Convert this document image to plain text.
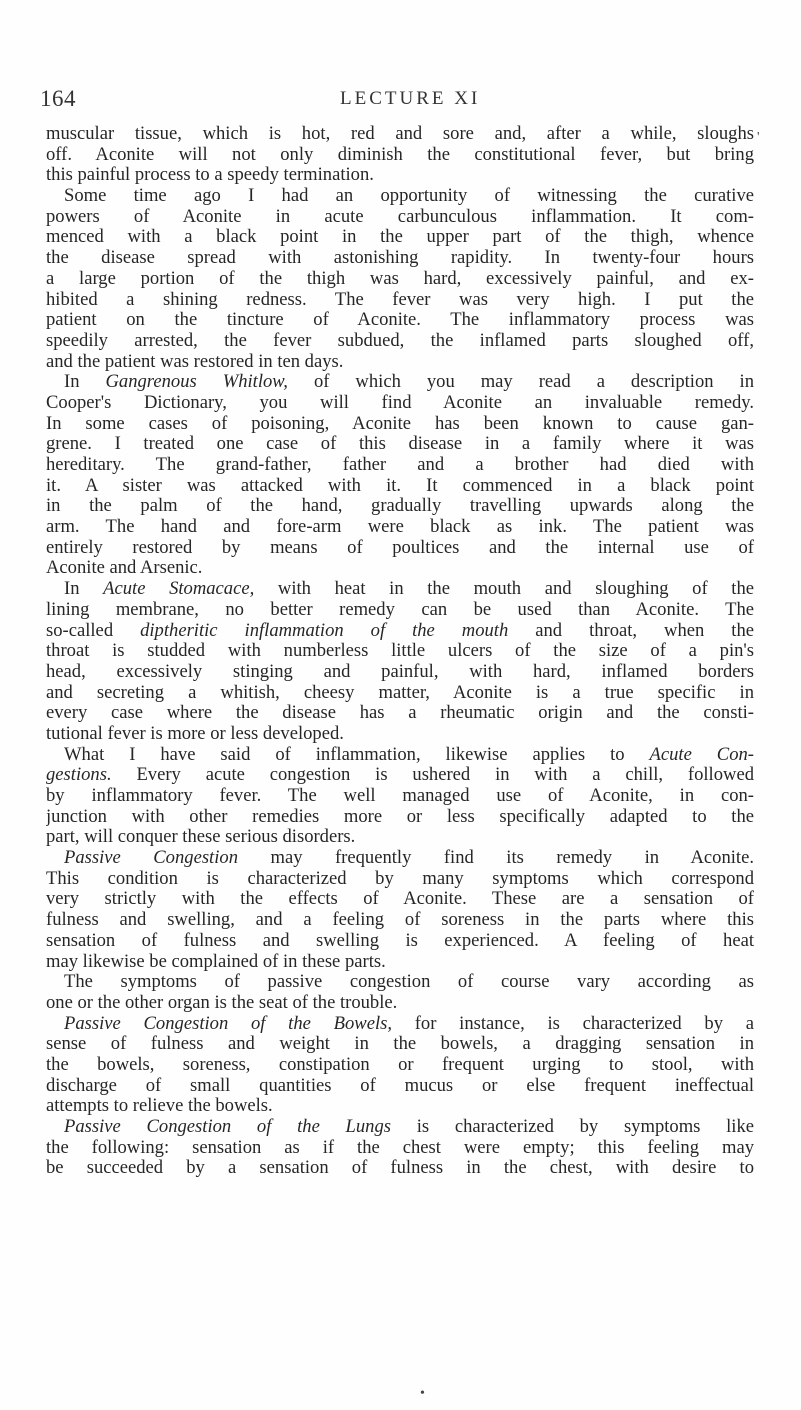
164	LECTURE XI
muscular tissue, which is hot, red and sore and, after a while, sloughs
off. Aconite will not only diminish the constitutional fever, but bring
this painful process to a speedy termination.
Some time ago I had an opportunity of witnessing the curative
powers of Aconite in acute carbunculous inflammation. It com-
menced with a black point in the upper part of the thigh, whence
the disease spread with astonishing rapidity. In twenty-four hours
a large portion of the thigh was hard, excessively painful, and ex-
hibited a shining redness. The fever was very high. I put the
patient on the tincture of Aconite. The inflammatory process was
speedily arrested, the fever subdued, the inflamed parts sloughed off,
and the patient was restored in ten days.
In Gangrenous Whitlow, of which you may read a description in
Cooper's Dictionary, you will find Aconite an invaluable remedy.
In some cases of poisoning, Aconite has been known to cause gan-
grene. I treated one case of this disease in a family where it was
hereditary. The grand-father, father and a brother had died with
it. A sister was attacked with it. It commenced in a black point
in the palm of the hand, gradually travelling upwards along the
arm. The hand and fore-arm were black as ink. The patient was
entirely restored by means of poultices and the internal use of
Aconite and Arsenic.
In Acute Stomacace, with heat in the mouth and sloughing of the
lining membrane, no better remedy can be used than Aconite. The
so-called diptheritic inflammation of the mouth and throat, when the
throat is studded with numberless little ulcers of the size of a pin's
head, excessively stinging and painful, with hard, inflamed borders
and secreting a whitish, cheesy matter, Aconite is a true specific in
every case where the disease has a rheumatic origin and the consti-
tutional fever is more or less developed.
What I have said of inflammation, likewise applies to Acute Con-
gestions. Every acute congestion is ushered in with a chill, followed
by inflammatory fever. The well managed use of Aconite, in con-
junction with other remedies more or less specifically adapted to the
part, will conquer these serious disorders.
Passive Congestion may frequently find its remedy in Aconite.
This condition is characterized by many symptoms which correspond
very strictly with the effects of Aconite. These are a sensation of
fulness and swelling, and a feeling of soreness in the parts where this
sensation of fulness and swelling is experienced. A feeling of heat
may likewise be complained of in these parts.
The symptoms of passive congestion of course vary according as
one or the other organ is the seat of the trouble.
Passive Congestion of the Bowels, for instance, is characterized by a
sense of fulness and weight in the bowels, a dragging sensation in
the bowels, soreness, constipation or frequent urging to stool, with
discharge of small quantities of mucus or else frequent ineffectual
attempts to relieve the bowels.
Passive Congestion of the Lungs is characterized by symptoms like
the following: sensation as if the chest were empty; this feeling may
be succeeded by a sensation of fulness in the chest, with desire to
'
•
